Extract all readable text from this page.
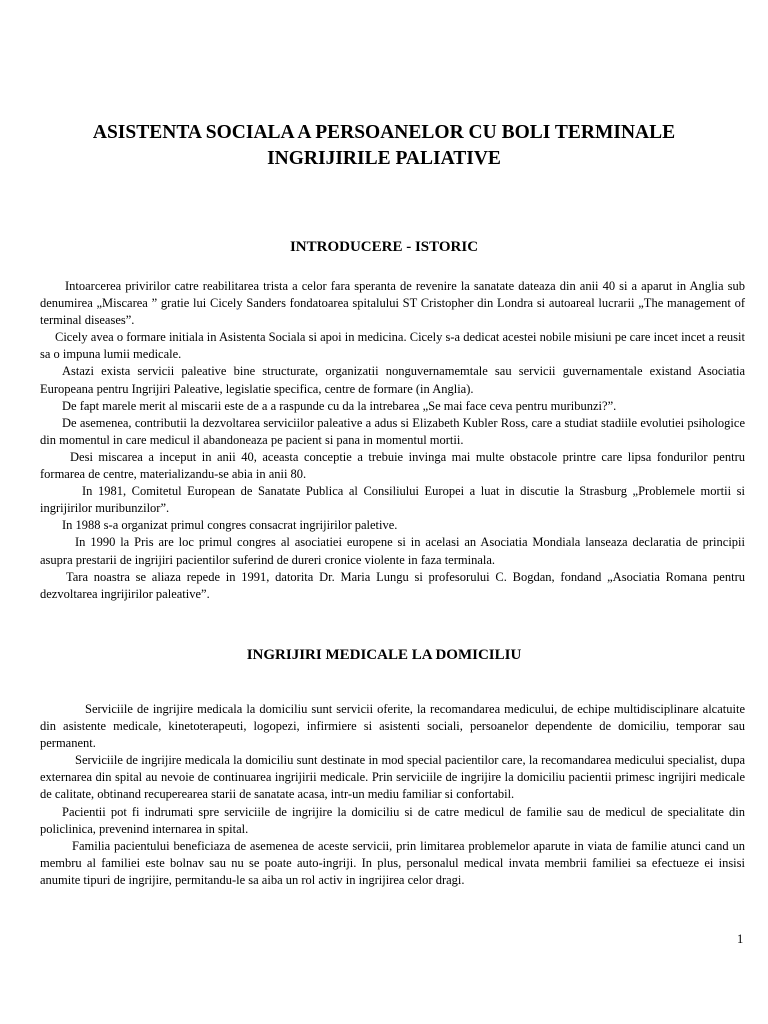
ASISTENTA SOCIALA A PERSOANELOR CU BOLI TERMINALE
INGRIJIRILE PALIATIVE
INTRODUCERE - ISTORIC

Intoarcerea privirilor catre reabilitarea trista a celor fara speranta de revenire la sanatate dateaza din anii 40 si a aparut in Anglia sub denumirea „Miscarea ” gratie lui Cicely Sanders fondatoarea spitalului ST Cristopher din Londra si autoareal lucrarii „The management of terminal diseases”.

Cicely avea o formare initiala in Asistenta Sociala si apoi in medicina. Cicely s-a dedicat acestei nobile misiuni pe care incet incet a reusit sa o impuna lumii medicale.

Astazi exista servicii paleative bine structurate, organizatii nonguvernamemtale sau servicii guvernamentale existand Asociatia Europeana pentru Ingrijiri Paleative, legislatie specifica, centre de formare (in Anglia).

De fapt marele merit al miscarii este de a a raspunde cu da la intrebarea „Se mai face ceva pentru muribunzi?”.

De asemenea, contributii la dezvoltarea serviciilor paleative a adus si Elizabeth Kubler Ross, care a studiat stadiile evolutiei psihologice din momentul in care medicul il abandoneaza pe pacient si pana in momentul mortii.

Desi miscarea a inceput in anii 40, aceasta conceptie a trebuie invinga mai multe obstacole printre care lipsa fondurilor pentru formarea de centre, materializandu-se abia in anii 80.

In 1981, Comitetul European de Sanatate Publica al Consiliului Europei a luat in discutie la Strasburg „Problemele mortii si ingrijirilor muribunzilor”.

In 1988 s-a organizat primul congres consacrat ingrijirilor paletive.

In 1990 la Pris are loc primul congres al asociatiei europene si in acelasi an Asociatia Mondiala lanseaza declaratia de principii asupra prestarii de ingrijiri pacientilor suferind de dureri cronice violente in faza terminala.

Tara noastra se aliaza repede in 1991, datorita Dr. Maria Lungu si profesorului C. Bogdan, fondand „Asociatia Romana pentru dezvoltarea ingrijirilor paleative”.

INGRIJIRI MEDICALE LA DOMICILIU

Serviciile de ingrijire medicala la domiciliu sunt servicii oferite, la recomandarea medicului, de echipe multidisciplinare alcatuite din asistente medicale, kinetoterapeuti, logopezi, infirmiere si asistenti sociali, persoanelor dependente de domiciliu, temporar sau permanent.

Serviciile de ingrijire medicala la domiciliu sunt destinate in mod special pacientilor care, la recomandarea medicului specialist, dupa externarea din spital au nevoie de continuarea ingrijirii medicale. Prin serviciile de ingrijire la domiciliu pacientii primesc ingrijiri medicale de calitate, obtinand recuperearea starii de sanatate acasa, intr-un mediu familiar si confortabil.

Pacientii pot fi indrumati spre serviciile de ingrijire la domiciliu si de catre medicul de familie sau de medicul de specialitate din policlinica, prevenind internarea in spital.

Familia pacientului beneficiaza de asemenea de aceste servicii, prin limitarea problemelor aparute in viata de familie atunci cand un membru al familiei este bolnav sau nu se poate auto-ingriji. In plus, personalul medical invata membrii familiei sa efectueze ei insisi anumite tipuri de ingrijire, permitandu-le sa aiba un rol activ in ingrijirea celor dragi.

1
